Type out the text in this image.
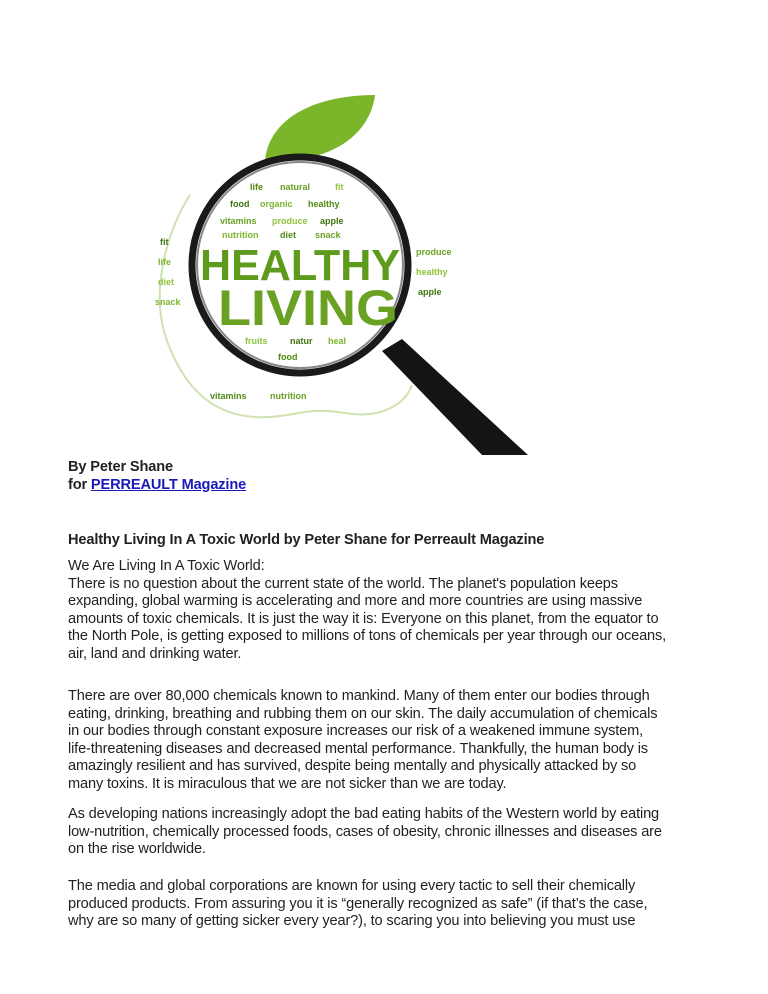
life natural	fit
food organic healthy
vitamins produce apple
nutrition diet snack
fruits	natur heal
food
produce
healthy
fit
life
vitamins	nutrition
diet
apple
snack
HEALTHY
LIVING
By Peter Shane
for PERREAULT Magazine
Healthy Living In A Toxic World by Peter Shane for Perreault Magazine
We Are Living In A Toxic World:
There is no question about the current state of the world. The planet's population keeps
expanding, global warming is accelerating and more and more countries are using massive
amounts of toxic chemicals. It is just the way it is: Everyone on this planet, from the equator to
the North Pole, is getting exposed to millions of tons of chemicals per year through our oceans,
air, land and drinking water.
There are over 80,000 chemicals known to mankind. Many of them enter our bodies through
eating, drinking, breathing and rubbing them on our skin. The daily accumulation of chemicals
in our bodies through constant exposure increases our risk of a weakened immune system,
life-threatening diseases and decreased mental performance. Thankfully, the human body is
amazingly resilient and has survived, despite being mentally and physically attacked by so
many toxins. It is miraculous that we are not sicker than we are today.
As developing nations increasingly adopt the bad eating habits of the Western world by eating
low-nutrition, chemically processed foods, cases of obesity, chronic illnesses and diseases are
on the rise worldwide.
The media and global corporations are known for using every tactic to sell their chemically
produced products. From assuring you it is “generally recognized as safe” (if that’s the case,
why are so many of getting sicker every year?), to scaring you into believing you must use
